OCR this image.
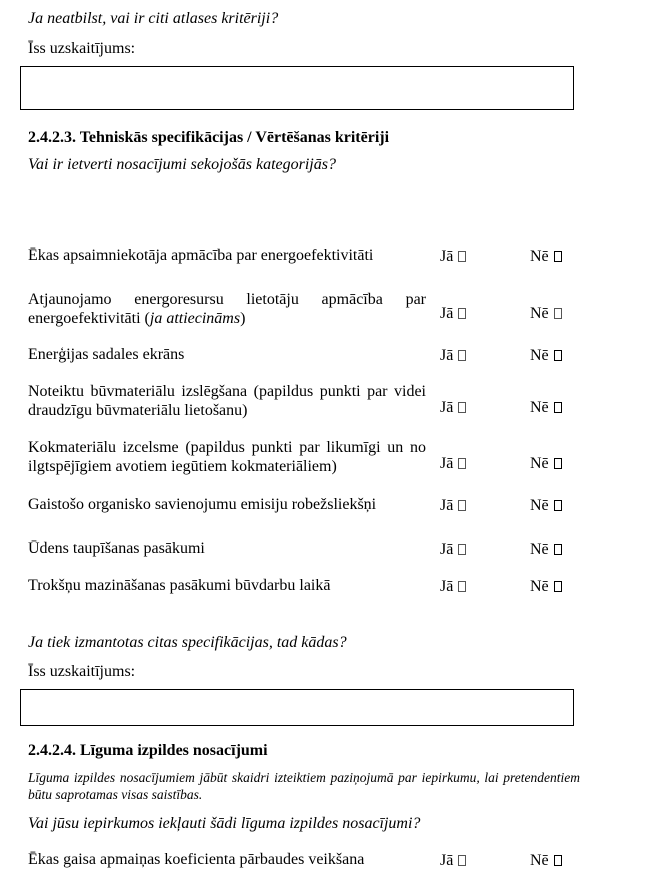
Ja neatbilst, vai ir citi atlases kritēriji?
Īss uzskaitījums:
2.4.2.3. Tehniskās specifikācijas / Vērtēšanas kritēriji
Vai ir ietverti nosacījumi sekojošās kategorijās?
Ēkas apsaimniekotāja apmācība par energoefektivitāti	Jā	Nē
Atjaunojamo energoresursu lietotāju apmācība par energoefektivitāti (ja attiecināms)	Jā	Nē
Enerģijas sadales ekrāns	Jā	Nē
Noteiktu būvmateriālu izslēgšana (papildus punkti par videi draudzīgu būvmateriālu lietošanu)	Jā	Nē
Kokmateriālu izcelsme (papildus punkti par likumīgi un no ilgtspējīgiem avotiem iegūtiem kokmateriāliem)	Jā	Nē
Gaistošo organisko savienojumu emisiju robežsliekšņi	Jā	Nē
Ūdens taupīšanas pasākumi	Jā	Nē
Trokšņu mazināšanas pasākumi būvdarbu laikā	Jā	Nē
Ja tiek izmantotas citas specifikācijas, tad kādas?
Īss uzskaitījums:
2.4.2.4. Līguma izpildes nosacījumi
Līguma izpildes nosacījumiem jābūt skaidri izteiktiem paziņojumā par iepirkumu, lai pretendentiem būtu saprotamas visas saistības.
Vai jūsu iepirkumos iekļauti šādi līguma izpildes nosacījumi?
Ēkas gaisa apmaiņas koeficienta pārbaudes veikšana	Jā	Nē
